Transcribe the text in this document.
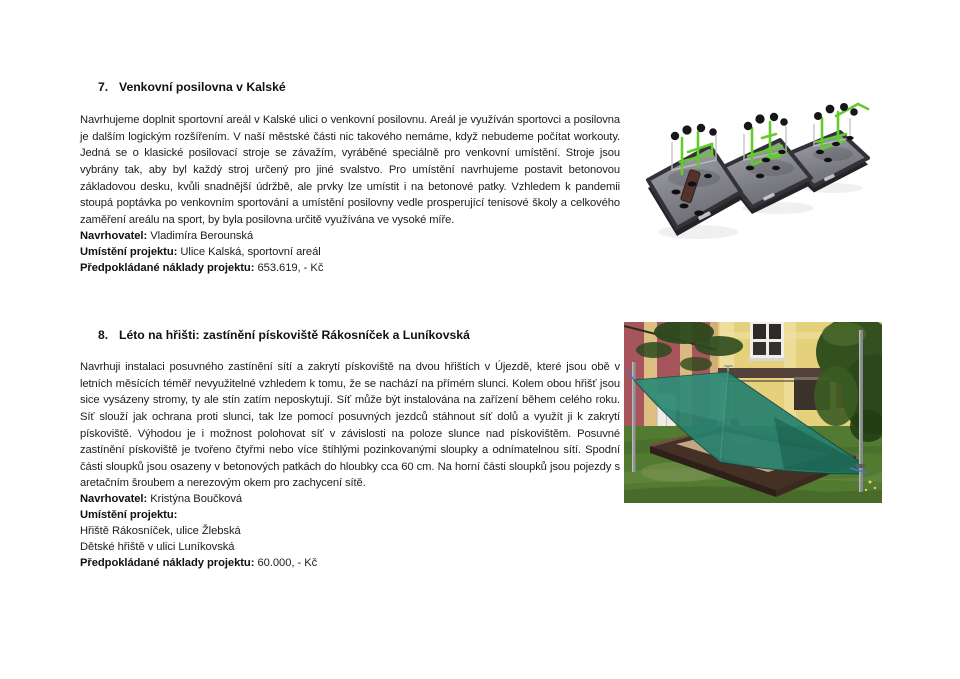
7. Venkovní posilovna v Kalské

Navrhujeme doplnit sportovní areál v Kalské ulici o venkovní posilovnu. Areál je využíván sportovci a posilovna je dalším logickým rozšířením. V naší městské části nic takového nemáme, když nebudeme počítat workouty. Jedná se o klasické posilovací stroje se závažím, vyráběné speciálně pro venkovní umístění. Stroje jsou vybrány tak, aby byl každý stroj určený pro jiné svalstvo. Pro umístění navrhujeme postavit betonovou základovou desku, kvůli snadnější údržbě, ale prvky lze umístit i na betonové patky. Vzhledem k pandemii stoupá poptávka po venkovním sportování a umístění posilovny vedle prosperující tenisové školy a celkového zaměření areálu na sport, by byla posilovna určitě využívána ve vysoké míře.

Navrhovatel: Vladimíra Berounská
Umístění projektu: Ulice Kalská, sportovní areál
Předpokládané náklady projektu: 653.619, - Kč
8. Léto na hřišti: zastínění pískoviště Rákosníček a Luníkovská

Navrhuji instalaci posuvného zastínění sítí a zakrytí pískoviště na dvou hřištích v Újezdě, které jsou obě v letních měsících téměř nevyužitelné vzhledem k tomu, že se nachází na přímém slunci. Kolem obou hřišť jsou sice vysázeny stromy, ty ale stín zatím neposkytují. Síť může být instalována na zařízení během celého roku. Síť slouží jak ochrana proti slunci, tak lze pomocí posuvných jezdců stáhnout síť dolů a využít ji k zakrytí pískoviště. Výhodou je i možnost polohovat síť v závislosti na poloze slunce nad pískovištěm. Posuvné zastínění pískoviště je tvořeno čtyřmi nebo více štíhlými pozinkovanými sloupky a odnímatelnou sítí. Spodní části sloupků jsou osazeny v betonových patkách do hloubky cca 60 cm. Na horní části sloupků jsou pojezdy s aretačním šroubem a nerezovým okem pro zachycení sítě.

Navrhovatel: Kristýna Boučková
Umístění projektu:
Hřiště Rákosníček, ulice Žlebská
Dětské hřiště v ulici Luníkovská
Předpokládané náklady projektu: 60.000, - Kč
